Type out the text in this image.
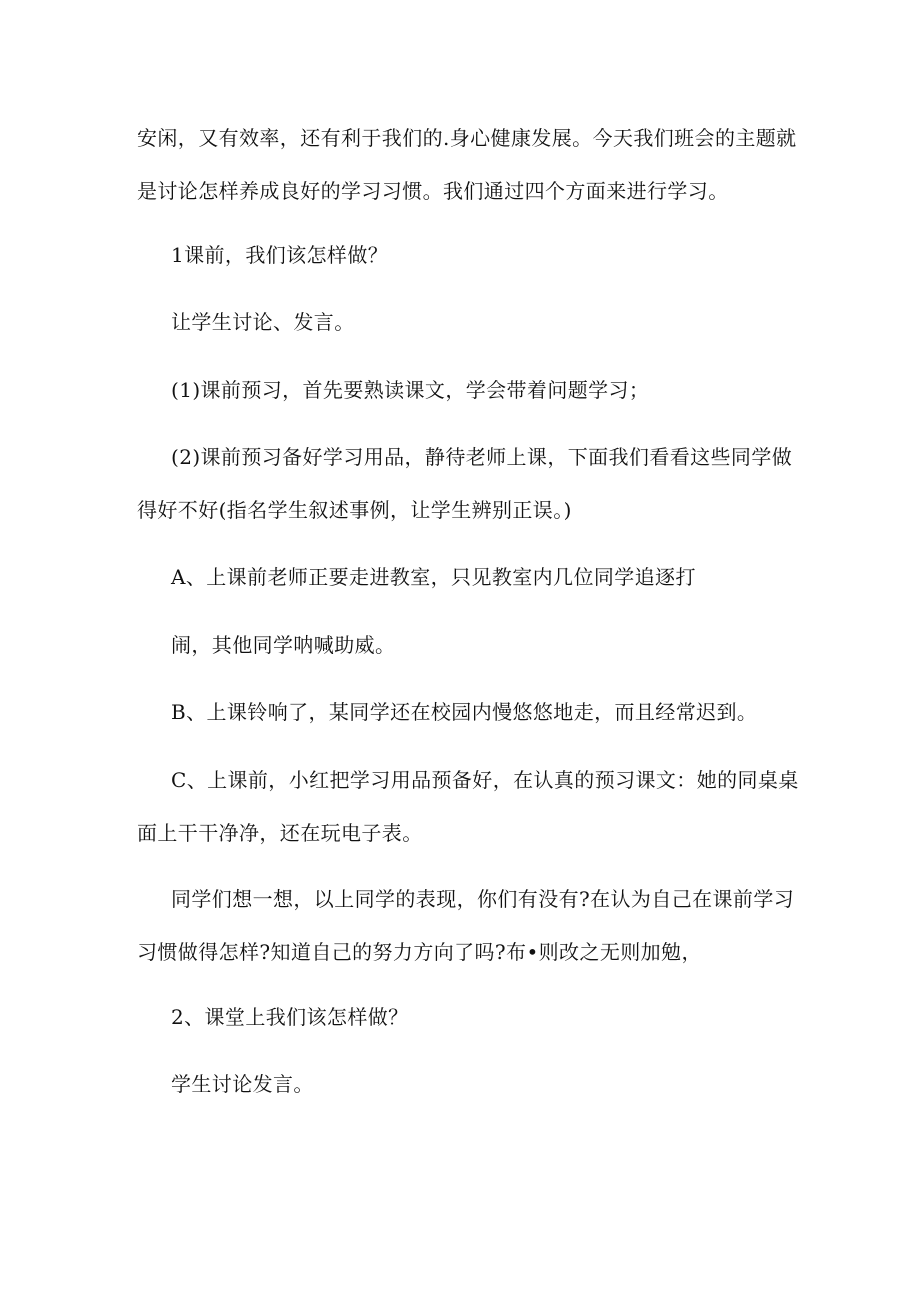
安闲，又有效率，还有利于我们的.身心健康发展。今天我们班会的主题就
是讨论怎样养成良好的学习习惯。我们通过四个方面来进行学习。
1课前，我们该怎样做？
让学生讨论、发言。
(1)课前预习，首先要熟读课文，学会带着问题学习；
(2)课前预习备好学习用品，静待老师上课，下面我们看看这些同学做
得好不好(指名学生叙述事例，让学生辨别正误。)
A、上课前老师正要走进教室，只见教室内几位同学追逐打
闹，其他同学呐喊助威。
B、上课铃响了，某同学还在校园内慢悠悠地走，而且经常迟到。
C、上课前，小红把学习用品预备好，在认真的预习课文：她的同桌桌
面上干干净净，还在玩电子表。
同学们想一想，以上同学的表现，你们有没有?在认为自己在课前学习
习惯做得怎样?知道自己的努力方向了吗?布•则改之无则加勉，
2、课堂上我们该怎样做？
学生讨论发言。
